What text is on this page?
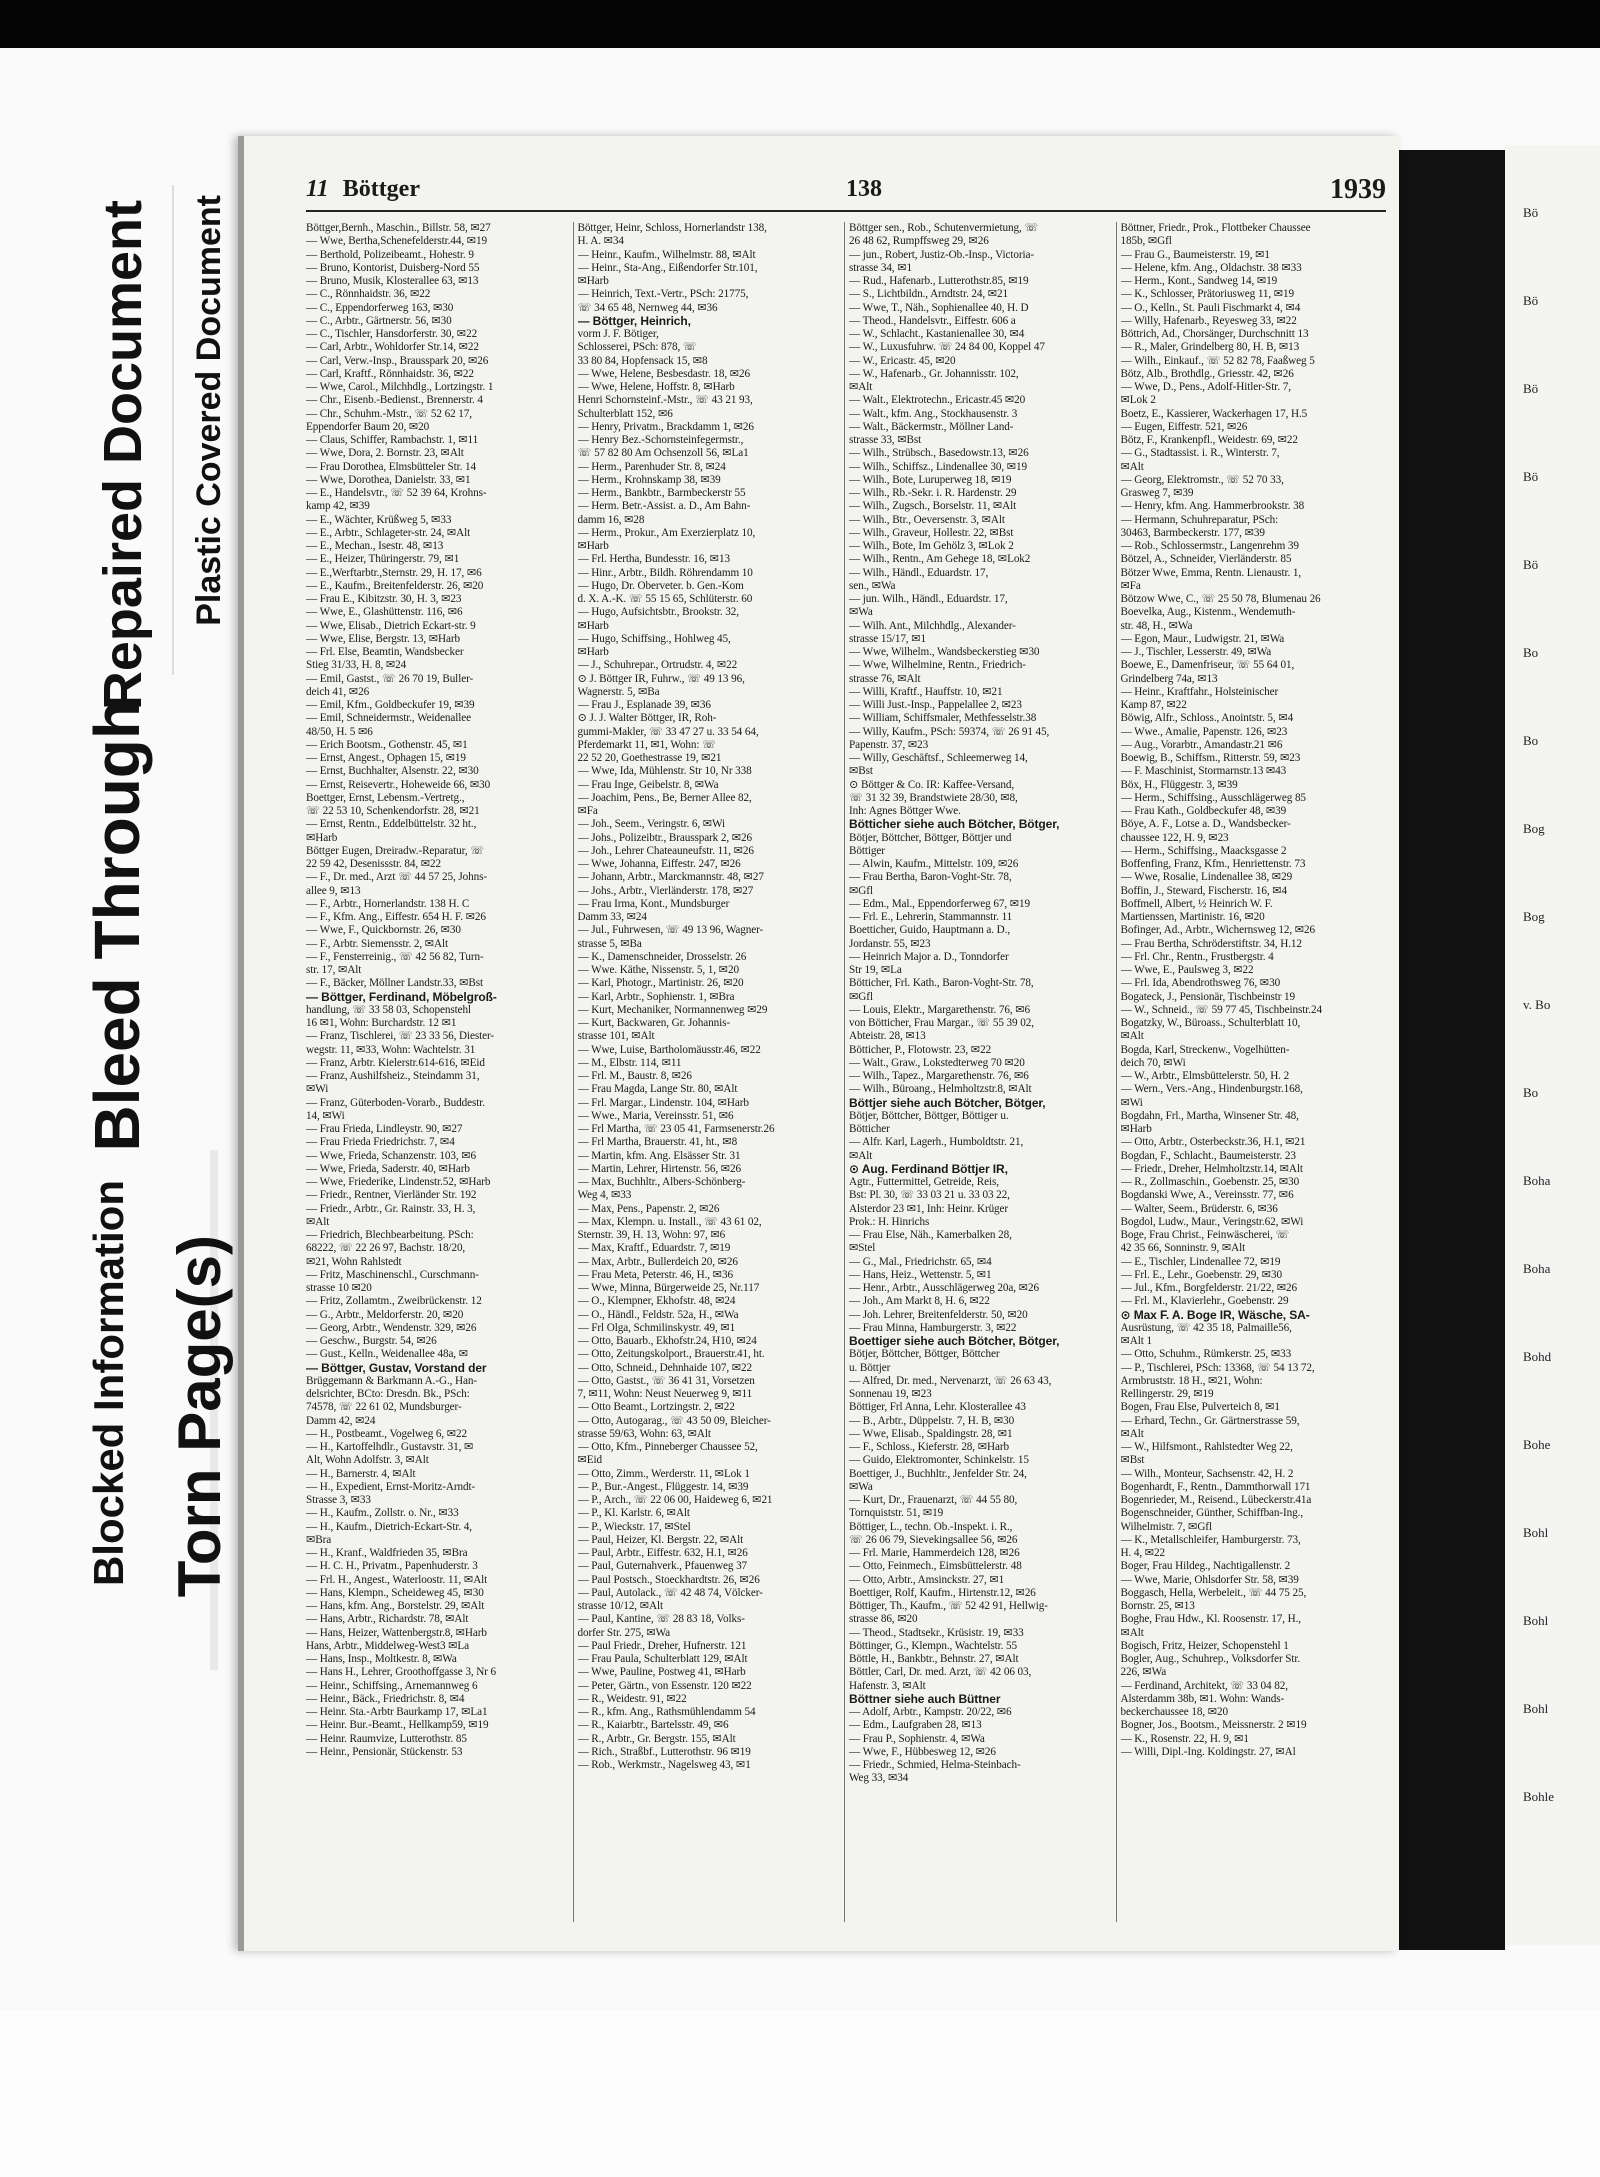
Repaired Document Plastic Covered Document
Bleed Through
Blocked Information Torn Page(s)
Bö
Bö
Bö
Bö
Bö
Bo
Bo
Bog
Bog
v. Bo
Bo
Boha
Boha
Bohd
Bohe
Bohl
Bohl
Bohl
Bohle
11 Böttger	138	1939
Böttger,Bernh., Maschin., Billstr. 58, ✉27
— Wwe, Bertha,Schenefelderstr.44, ✉19
— Berthold, Polizeibeamt., Hohestr. 9
— Bruno, Kontorist, Duisberg-Nord 55
— Bruno, Musik, Klosterallee 63, ✉13
— C., Rönnhaidstr. 36, ✉22
— C., Eppendorferweg 163, ✉30
— C., Arbtr., Gärtnerstr. 56, ✉30
— C., Tischler, Hansdorferstr. 30, ✉22
— Carl, Arbtr., Wohldorfer Str.14, ✉22
— Carl, Verw.-Insp., Brausspark 20, ✉26
— Carl, Kraftf., Rönnhaidstr. 36, ✉22
— Wwe, Carol., Milchhdlg., Lortzingstr. 1
— Chr., Eisenb.-Bedienst., Brennerstr. 4
— Chr., Schuhm.-Mstr., ☏ 52 62 17,
Eppendorfer Baum 20, ✉20
— Claus, Schiffer, Rambachstr. 1, ✉11
— Wwe, Dora, 2. Bornstr. 23, ✉Alt
— Frau Dorothea, Elmsbütteler Str. 14
— Wwe, Dorothea, Danielstr. 33, ✉1
— E., Handelsvtr., ☏ 52 39 64, Krohns-
kamp 42, ✉39
— E., Wächter, Krüßweg 5, ✉33
— E., Arbtr., Schlageter-str. 24, ✉Alt
— E., Mechan., Isestr. 48, ✉13
— E., Heizer, Thüringerstr. 79, ✉1
— E.,Werftarbtr.,Sternstr. 29, H. 17, ✉6
— E., Kaufm., Breitenfelderstr. 26, ✉20
— Frau E., Kibitzstr. 30, H. 3, ✉23
— Wwe, E., Glashüttenstr. 116, ✉6
— Wwe, Elisab., Dietrich Eckart-str. 9
— Wwe, Elise, Bergstr. 13, ✉Harb
— Frl. Else, Beamtin, Wandsbecker
Stieg 31/33, H. 8, ✉24
— Emil, Gastst., ☏ 26 70 19, Buller-
deich 41, ✉26
— Emil, Kfm., Goldbeckufer 19, ✉39
— Emil, Schneidermstr., Weidenallee
48/50, H. 5 ✉6
— Erich Bootsm., Gothenstr. 45, ✉1
— Ernst, Angest., Ophagen 15, ✉19
— Ernst, Buchhalter, Alsenstr. 22, ✉30
— Ernst, Reisevertr., Hoheweide 66, ✉30
Boettger, Ernst, Lebensm.-Vertretg.,
☏ 22 53 10, Schenkendorfstr. 28, ✉21
— Ernst, Rentn., Eddelbüttelstr. 32 ht.,
✉Harb
Böttger Eugen, Dreiradw.-Reparatur, ☏
22 59 42, Desenissstr. 84, ✉22
— F., Dr. med., Arzt ☏ 44 57 25, Johns-
allee 9, ✉13
— F., Arbtr., Hornerlandstr. 138 H. C
— F., Kfm. Ang., Eiffestr. 654 H. F. ✉26
— Wwe, F., Quickbornstr. 26, ✉30
— F., Arbtr. Siemensstr. 2, ✉Alt
— F., Fensterreinig., ☏ 42 56 82, Turn-
str. 17, ✉Alt
— F., Bäcker, Möllner Landstr.33, ✉Bst
— Böttger, Ferdinand, Möbelgroß-
handlung, ☏ 33 58 03, Schopenstehl
16 ✉1, Wohn: Burchardstr. 12 ✉1
— Franz, Tischlerei, ☏ 23 33 56, Diester-
wegstr. 11, ✉33, Wohn: Wachtelstr. 31
— Franz, Arbtr. Kielerstr.614-616, ✉Eid
— Franz, Aushilfsheiz., Steindamm 31,
✉Wi
— Franz, Güterboden-Vorarb., Buddestr.
14, ✉Wi
— Frau Frieda, Lindleystr. 90, ✉27
— Frau Frieda Friedrichstr. 7, ✉4
— Wwe, Frieda, Schanzenstr. 103, ✉6
— Wwe, Frieda, Saderstr. 40, ✉Harb
— Wwe, Friederike, Lindenstr.52, ✉Harb
— Friedr., Rentner, Vierländer Str. 192
— Friedr., Arbtr., Gr. Rainstr. 33, H. 3,
✉Alt
— Friedrich, Blechbearbeitung. PSch:
68222, ☏ 22 26 97, Bachstr. 18/20,
✉21, Wohn Rahlstedt
— Fritz, Maschinenschl., Curschmann-
strasse 10 ✉20
— Fritz, Zollamtm., Zweibrückenstr. 12
— G., Arbtr., Meldorferstr. 20, ✉20
— Georg, Arbtr., Wendenstr. 329, ✉26
— Geschw., Burgstr. 54, ✉26
— Gust., Kelln., Weidenallee 48a, ✉
— Böttger, Gustav, Vorstand der
Brüggemann & Barkmann A.-G., Han-
delsrichter, BCto: Dresdn. Bk., PSch:
74578, ☏ 22 61 02, Mundsburger-
Damm 42, ✉24
— H., Postbeamt., Vogelweg 6, ✉22
— H., Kartoffelhdlr., Gustavstr. 31, ✉
Alt, Wohn Adolfstr. 3, ✉Alt
— H., Barnerstr. 4, ✉Alt
— H., Expedient, Ernst-Moritz-Arndt-
Strasse 3, ✉33
— H., Kaufm., Zollstr. o. Nr., ✉33
— H., Kaufm., Dietrich-Eckart-Str. 4,
✉Bra
— H., Kranf., Waldfrieden 35, ✉Bra
— H. C. H., Privatm., Papenhuderstr. 3
— Frl. H., Angest., Waterloostr. 11, ✉Alt
— Hans, Klempn., Scheideweg 45, ✉30
— Hans, kfm. Ang., Borstelstr. 29, ✉Alt
— Hans, Arbtr., Richardstr. 78, ✉Alt
— Hans, Heizer, Wattenbergstr.8, ✉Harb
Hans, Arbtr., Middelweg-West3 ✉La
— Hans, Insp., Moltkestr. 8, ✉Wa
— Hans H., Lehrer, Groothoffgasse 3, Nr 6
— Heinr., Schiffsing., Arnemannweg 6
— Heinr., Bäck., Friedrichstr. 8, ✉4
— Heinr. Sta.-Arbtr Baurkamp 17, ✉La1
— Heinr. Bur.-Beamt., Hellkamp59, ✉19
— Heinr. Raumvize, Lutterothstr. 85
— Heinr., Pensionär, Stückenstr. 53
Böttger, Heinr, Schloss, Hornerlandstr 138,
H. A. ✉34
— Heinr., Kaufm., Wilhelmstr. 88, ✉Alt
— Heinr., Sta-Ang., Eißendorfer Str.101,
✉Harb
— Heinrich, Text.-Vertr., PSch: 21775,
☏ 34 65 48, Nernweg 44, ✉36
— Böttger, Heinrich,
vorm J. F. Bötiger,
Schlosserei, PSch: 878, ☏
33 80 84, Hopfensack 15, ✉8
— Wwe, Helene, Besbesdastr. 18, ✉26
— Wwe, Helene, Hoffstr. 8, ✉Harb
Henri Schornsteinf.-Mstr., ☏ 43 21 93,
Schulterblatt 152, ✉6
— Henry, Privatm., Brackdamm 1, ✉26
— Henry Bez.-Schornsteinfegermstr.,
☏ 57 82 80 Am Ochsenzoll 56, ✉La1
— Herm., Parenhuder Str. 8, ✉24
— Herm., Krohnskamp 38, ✉39
— Herm., Bankbtr., Barmbeckerstr 55
— Herm. Betr.-Assist. a. D., Am Bahn-
damm 16, ✉28
— Herm., Prokur., Am Exerzierplatz 10,
✉Harb
— Frl. Hertha, Bundesstr. 16, ✉13
— Hinr., Arbtr., Bildh. Röhrendamm 10
— Hugo, Dr. Oberveter. b. Gen.-Kom
d. X. A.-K. ☏ 55 15 65, Schlüterstr. 60
— Hugo, Aufsichtsbtr., Brookstr. 32,
✉Harb
— Hugo, Schiffsing., Hohlweg 45,
✉Harb
— J., Schuhrepar., Ortrudstr. 4, ✉22
⊙ J. Böttger IR, Fuhrw., ☏ 49 13 96,
Wagnerstr. 5, ✉Ba
— Frau J., Esplanade 39, ✉36
⊙ J. J. Walter Böttger, IR, Roh-
gummi-Makler, ☏ 33 47 27 u. 33 54 64,
Pferdemarkt 11, ✉1, Wohn: ☏
22 52 20, Goethestrasse 19, ✉21
— Wwe, Ida, Mühlenstr. Str 10, Nr 338
— Frau Inge, Geibelstr. 8, ✉Wa
— Joachim, Pens., Be, Berner Allee 82,
✉Fa
— Joh., Seem., Veringstr. 6, ✉Wi
— Johs., Polizeibtr., Brausspark 2, ✉26
— Joh., Lehrer Chateauneufstr. 11, ✉26
— Wwe, Johanna, Eiffestr. 247, ✉26
— Johann, Arbtr., Marckmannstr. 48, ✉27
— Johs., Arbtr., Vierländerstr. 178, ✉27
— Frau Irma, Kont., Mundsburger
Damm 33, ✉24
— Jul., Fuhrwesen, ☏ 49 13 96, Wagner-
strasse 5, ✉Ba
— K., Damenschneider, Drosselstr. 26
— Wwe. Käthe, Nissenstr. 5, 1, ✉20
— Karl, Photogr., Martinistr. 26, ✉20
— Karl, Arbtr., Sophienstr. 1, ✉Bra
— Kurt, Mechaniker, Normannenweg ✉29
— Kurt, Backwaren, Gr. Johannis-
strasse 101, ✉Alt
— Wwe, Luise, Bartholomäusstr.46, ✉22
— M., Elbstr. 114, ✉11
— Frl. M., Baustr. 8, ✉26
— Frau Magda, Lange Str. 80, ✉Alt
— Frl. Margar., Lindenstr. 104, ✉Harb
— Wwe., Maria, Vereinsstr. 51, ✉6
— Frl Martha, ☏ 23 05 41, Farmsenerstr.26
— Frl Martha, Brauerstr. 41, ht., ✉8
— Martin, kfm. Ang. Elsässer Str. 31
— Martin, Lehrer, Hirtenstr. 56, ✉26
— Max, Buchhltr., Albers-Schönberg-
Weg 4, ✉33
— Max, Pens., Papenstr. 2, ✉26
— Max, Klempn. u. Install., ☏ 43 61 02,
Sternstr. 39, H. 13, Wohn: 97, ✉6
— Max, Kraftf., Eduardstr. 7, ✉19
— Max, Arbtr., Bullerdeich 20, ✉26
— Frau Meta, Peterstr. 46, H., ✉36
— Wwe, Minna, Bürgerweide 25, Nr.117
— O., Klempner, Ekhofstr. 48, ✉24
— O., Händl., Feldstr. 52a, H., ✉Wa
— Frl Olga, Schmilinskystr. 49, ✉1
— Otto, Bauarb., Ekhofstr.24, H10, ✉24
— Otto, Zeitungskolport., Brauerstr.41, ht.
— Otto, Schneid., Dehnhaide 107, ✉22
— Otto, Gastst., ☏ 36 41 31, Vorsetzen
7, ✉11, Wohn: Neust Neuerweg 9, ✉11
— Otto Beamt., Lortzingstr. 2, ✉22
— Otto, Autogarag., ☏ 43 50 09, Bleicher-
strasse 59/63, Wohn: 63, ✉Alt
— Otto, Kfm., Pinneberger Chaussee 52,
✉Eid
— Otto, Zimm., Werderstr. 11, ✉Lok 1
— P., Bur.-Angest., Flüggestr. 14, ✉39
— P., Arch., ☏ 22 06 00, Haideweg 6, ✉21
— P., Kl. Karlstr. 6, ✉Alt
— P., Wieckstr. 17, ✉Stel
— Paul, Heizer, Kl. Bergstr. 22, ✉Alt
— Paul, Arbtr., Eiffestr. 632, H.1, ✉26
— Paul, Guternahverk., Pfauenweg 37
— Paul Postsch., Stoeckhardtstr. 26, ✉26
— Paul, Autolack., ☏ 42 48 74, Völcker-
strasse 10/12, ✉Alt
— Paul, Kantine, ☏ 28 83 18, Volks-
dorfer Str. 275, ✉Wa
— Paul Friedr., Dreher, Hufnerstr. 121
— Frau Paula, Schulterblatt 129, ✉Alt
— Wwe, Pauline, Postweg 41, ✉Harb
— Peter, Gärtn., von Essenstr. 120 ✉22
— R., Weidestr. 91, ✉22
— R., kfm. Ang., Rathsmühlendamm 54
— R., Kaiarbtr., Bartelsstr. 49, ✉6
— R., Arbtr., Gr. Bergstr. 155, ✉Alt
— Rich., Straßbf., Lutterothstr. 96 ✉19
— Rob., Werkmstr., Nagelsweg 43, ✉1
Böttger sen., Rob., Schutenvermietung, ☏
26 48 62, Rumpffsweg 29, ✉26
— jun., Robert, Justiz-Ob.-Insp., Victoria-
strasse 34, ✉1
— Rud., Hafenarb., Lutterothstr.85, ✉19
— S., Lichtbildn., Arndtstr. 24, ✉21
— Wwe, T., Näh., Sophienallee 40, H. D
— Theod., Handelsvtr., Eiffestr. 606 a
— W., Schlacht., Kastanienallee 30, ✉4
— W., Luxusfuhrw. ☏ 24 84 00, Koppel 47
— W., Ericastr. 45, ✉20
— W., Hafenarb., Gr. Johannisstr. 102,
✉Alt
— Walt., Elektrotechn., Ericastr.45 ✉20
— Walt., kfm. Ang., Stockhausenstr. 3
— Walt., Bäckermstr., Möllner Land-
strasse 33, ✉Bst
— Wilh., Strübsch., Basedowstr.13, ✉26
— Wilh., Schiffsz., Lindenallee 30, ✉19
— Wilh., Bote, Luruperweg 18, ✉19
— Wilh., Rb.-Sekr. i. R. Hardenstr. 29
— Wilh., Zugsch., Borselstr. 11, ✉Alt
— Wilh., Btr., Oeversenstr. 3, ✉Alt
— Wilh., Graveur, Hollestr. 22, ✉Bst
— Wilh., Bote, Im Gehölz 3, ✉Lok 2
— Wilh., Rentn., Am Gehege 18, ✉Lok2
— Wilh., Händl., Eduardstr. 17,
sen., ✉Wa
— jun. Wilh., Händl., Eduardstr. 17,
✉Wa
— Wilh. Ant., Milchhdlg., Alexander-
strasse 15/17, ✉1
— Wwe, Wilhelm., Wandsbeckerstieg ✉30
— Wwe, Wilhelmine, Rentn., Friedrich-
strasse 76, ✉Alt
— Willi, Kraftf., Hauffstr. 10, ✉21
— Willi Just.-Insp., Pappelallee 2, ✉23
— William, Schiffsmaler, Methfesselstr.38
— Willy, Kaufm., PSch: 59374, ☏ 26 91 45,
Papenstr. 37, ✉23
— Willy, Geschäftsf., Schleemerweg 14,
✉Bst
⊙ Böttger & Co. IR: Kaffee-Versand,
☏ 31 32 39, Brandstwiete 28/30, ✉8,
Inh: Agnes Böttger Wwe.
Bötticher siehe auch Bötcher, Bötger,
Bötjer, Böttcher, Böttger, Böttjer und
Böttiger
— Alwin, Kaufm., Mittelstr. 109, ✉26
— Frau Bertha, Baron-Voght-Str. 78,
✉Gfl
— Edm., Mal., Eppendorferweg 67, ✉19
— Frl. E., Lehrerin, Stammannstr. 11
Boetticher, Guido, Hauptmann a. D.,
Jordanstr. 55, ✉23
— Heinrich Major a. D., Tonndorfer
Str 19, ✉La
Bötticher, Frl. Kath., Baron-Voght-Str. 78,
✉Gfl
— Louis, Elektr., Margarethenstr. 76, ✉6
von Bötticher, Frau Margar., ☏ 55 39 02,
Abteistr. 28, ✉13
Bötticher, P., Flotowstr. 23, ✉22
— Walt., Graw., Lokstedterweg 70 ✉20
— Wilh., Tapez., Margarethenstr. 76, ✉6
— Wilh., Büroang., Helmholtzstr.8, ✉Alt
Böttjer siehe auch Bötcher, Bötger,
Bötjer, Böttcher, Böttger, Böttiger u.
Bötticher
— Alfr. Karl, Lagerh., Humboldtstr. 21,
✉Alt
⊙ Aug. Ferdinand Böttjer IR,
Agtr., Futtermittel, Getreide, Reis,
Bst: Pl. 30, ☏ 33 03 21 u. 33 03 22,
Alsterdor 23 ✉1, Inh: Heinr. Krüger
Prok.: H. Hinrichs
— Frau Else, Näh., Kamerbalken 28,
✉Stel
— G., Mal., Friedrichstr. 65, ✉4
— Hans, Heiz., Wettenstr. 5, ✉1
— Henr., Arbtr., Ausschlägerweg 20a, ✉26
— Joh., Am Markt 8, H. 6, ✉22
— Joh. Lehrer, Breitenfelderstr. 50, ✉20
— Frau Minna, Hamburgerstr. 3, ✉22
Boettiger siehe auch Bötcher, Bötger,
Bötjer, Böttcher, Böttger, Böttcher
u. Böttjer
— Alfred, Dr. med., Nervenarzt, ☏ 26 63 43,
Sonnenau 19, ✉23
Böttiger, Frl Anna, Lehr. Klosterallee 43
— B., Arbtr., Düppelstr. 7, H. B, ✉30
— Wwe, Elisab., Spaldingstr. 28, ✉1
— F., Schloss., Kieferstr. 28, ✉Harb
— Guido, Elektromonter, Schinkelstr. 15
Boettiger, J., Buchhltr., Jenfelder Str. 24,
✉Wa
— Kurt, Dr., Frauenarzt, ☏ 44 55 80,
Tornquiststr. 51, ✉19
Böttiger, L., techn. Ob.-Inspekt. i. R.,
☏ 26 06 79, Sievekingsallee 56, ✉26
— Frl. Marie, Hammerdeich 128, ✉26
— Otto, Feinmech., Eimsbüttelerstr. 48
— Otto, Arbtr., Amsinckstr. 27, ✉1
Boettiger, Rolf, Kaufm., Hirtenstr.12, ✉26
Böttiger, Th., Kaufm., ☏ 52 42 91, Hellwig-
strasse 86, ✉20
— Theod., Stadtsekr., Krüsistr. 19, ✉33
Böttinger, G., Klempn., Wachtelstr. 55
Böttle, H., Bankbtr., Behnstr. 27, ✉Alt
Böttler, Carl, Dr. med. Arzt, ☏ 42 06 03,
Hafenstr. 3, ✉Alt
Böttner siehe auch Büttner
— Adolf, Arbtr., Kampstr. 20/22, ✉6
— Edm., Laufgraben 28, ✉13
— Frau P., Sophienstr. 4, ✉Wa
— Wwe, F., Hübbesweg 12, ✉26
— Friedr., Schmied, Helma-Steinbach-
Weg 33, ✉34
Böttner, Friedr., Prok., Flottbeker Chaussee
185b, ✉Gfl
— Frau G., Baumeisterstr. 19, ✉1
— Helene, kfm. Ang., Oldachstr. 38 ✉33
— Herm., Kont., Sandweg 14, ✉19
— K., Schlosser, Prätoriusweg 11, ✉19
— O., Kelln., St. Pauli Fischmarkt 4, ✉4
— Willy, Hafenarb., Reyesweg 33, ✉22
Böttrich, Ad., Chorsänger, Durchschnitt 13
— R., Maler, Grindelberg 80, H. B, ✉13
— Wilh., Einkauf., ☏ 52 82 78, Faaßweg 5
Bötz, Alb., Brothdlg., Griesstr. 42, ✉26
— Wwe, D., Pens., Adolf-Hitler-Str. 7,
✉Lok 2
Boetz, E., Kassierer, Wackerhagen 17, H.5
— Eugen, Eiffestr. 521, ✉26
Bötz, F., Krankenpfl., Weidestr. 69, ✉22
— G., Stadtassist. i. R., Winterstr. 7,
✉Alt
— Georg, Elektromstr., ☏ 52 70 33,
Grasweg 7, ✉39
— Henry, kfm. Ang. Hammerbrookstr. 38
— Hermann, Schuhreparatur, PSch:
30463, Barmbeckerstr. 177, ✉39
— Rob., Schlossermstr., Langenrehm 39
Bötzel, A., Schneider, Vierländerstr. 85
Bötzer Wwe, Emma, Rentn. Lienaustr. 1,
✉Fa
Bötzow Wwe, C., ☏ 25 50 78, Blumenau 26
Boevelka, Aug., Kistenm., Wendemuth-
str. 48, H., ✉Wa
— Egon, Maur., Ludwigstr. 21, ✉Wa
— J., Tischler, Lesserstr. 49, ✉Wa
Boewe, E., Damenfriseur, ☏ 55 64 01,
Grindelberg 74a, ✉13
— Heinr., Kraftfahr., Holsteinischer
Kamp 87, ✉22
Böwig, Alfr., Schloss., Anointstr. 5, ✉4
— Wwe., Amalie, Papenstr. 126, ✉23
— Aug., Vorarbtr., Amandastr.21 ✉6
Boewig, B., Schiffsm., Ritterstr. 59, ✉23
— F. Maschinist, Stormarnstr.13 ✉43
Böx, H., Flüggestr. 3, ✉39
— Herm., Schiffsing., Ausschlägerweg 85
— Frau Kath., Goldbeckufer 48, ✉39
Böye, A. F., Lotse a. D., Wandsbecker-
chaussee 122, H. 9, ✉23
— Herm., Schiffsing., Maacksgasse 2
Boffenfing, Franz, Kfm., Henriettenstr. 73
— Wwe, Rosalie, Lindenallee 38, ✉29
Boffin, J., Steward, Fischerstr. 16, ✉4
Boffmell, Albert, ½ Heinrich W. F.
Martienssen, Martinistr. 16, ✉20
Bofinger, Ad., Arbtr., Wichernsweg 12, ✉26
— Frau Bertha, Schröderstiftstr. 34, H.12
— Frl. Chr., Rentn., Frustbergstr. 4
— Wwe, E., Paulsweg 3, ✉22
— Frl. Ida, Abendrothsweg 76, ✉30
Bogateck, J., Pensionär, Tischbeinstr 19
— W., Schneid., ☏ 59 77 45, Tischbeinstr.24
Bogatzky, W., Büroass., Schulterblatt 10,
✉Alt
Bogda, Karl, Streckenw., Vogelhütten-
deich 70, ✉Wi
— W., Arbtr., Elmsbüttelerstr. 50, H. 2
— Wern., Vers.-Ang., Hindenburgstr.168,
✉Wi
Bogdahn, Frl., Martha, Winsener Str. 48,
✉Harb
— Otto, Arbtr., Osterbeckstr.36, H.1, ✉21
Bogdan, F., Schlacht., Baumeisterstr. 23
— Friedr., Dreher, Helmholtzstr.14, ✉Alt
— R., Zollmaschin., Goebenstr. 25, ✉30
Bogdanski Wwe, A., Vereinsstr. 77, ✉6
— Walter, Seem., Brüderstr. 6, ✉36
Bogdol, Ludw., Maur., Veringstr.62, ✉Wi
Boge, Frau Christ., Feinwäscherei, ☏
42 35 66, Sonninstr. 9, ✉Alt
— E., Tischler, Lindenallee 72, ✉19
— Frl. E., Lehr., Goebenstr. 29, ✉30
— Jul., Kfm., Borgfelderstr. 21/22, ✉26
— Frl. M., Klavierlehr., Goebenstr. 29
⊙ Max F. A. Boge IR, Wäsche, SA-
Ausrüstung, ☏ 42 35 18, Palmaille56,
✉Alt 1
— Otto, Schuhm., Rümkerstr. 25, ✉33
— P., Tischlerei, PSch: 13368, ☏ 54 13 72,
Armbruststr. 18 H., ✉21, Wohn:
Rellingerstr. 29, ✉19
Bogen, Frau Else, Pulverteich 8, ✉1
— Erhard, Techn., Gr. Gärtnerstrasse 59,
✉Alt
— W., Hilfsmont., Rahlstedter Weg 22,
✉Bst
— Wilh., Monteur, Sachsenstr. 42, H. 2
Bogenhardt, F., Rentn., Dammthorwall 171
Bogenrieder, M., Reisend., Lübeckerstr.41a
Bogenschneider, Günther, Schiffban-Ing.,
Wilhelmistr. 7, ✉Gfl
— K., Metallschleifer, Hamburgerstr. 73,
H. 4, ✉22
Boger, Frau Hildeg., Nachtigallenstr. 2
— Wwe, Marie, Ohlsdorfer Str. 58, ✉39
Boggasch, Hella, Werbeleit., ☏ 44 75 25,
Bornstr. 25, ✉13
Boghe, Frau Hdw., Kl. Roosenstr. 17, H.,
✉Alt
Bogisch, Fritz, Heizer, Schopenstehl 1
Bogler, Aug., Schuhrep., Volksdorfer Str.
226, ✉Wa
— Ferdinand, Architekt, ☏ 33 04 82,
Alsterdamm 38b, ✉1. Wohn: Wands-
beckerchaussee 18, ✉20
Bogner, Jos., Bootsm., Meissnerstr. 2 ✉19
— K., Rosenstr. 22, H. 9, ✉1
— Willi, Dipl.-Ing. Koldingstr. 27, ✉Al
